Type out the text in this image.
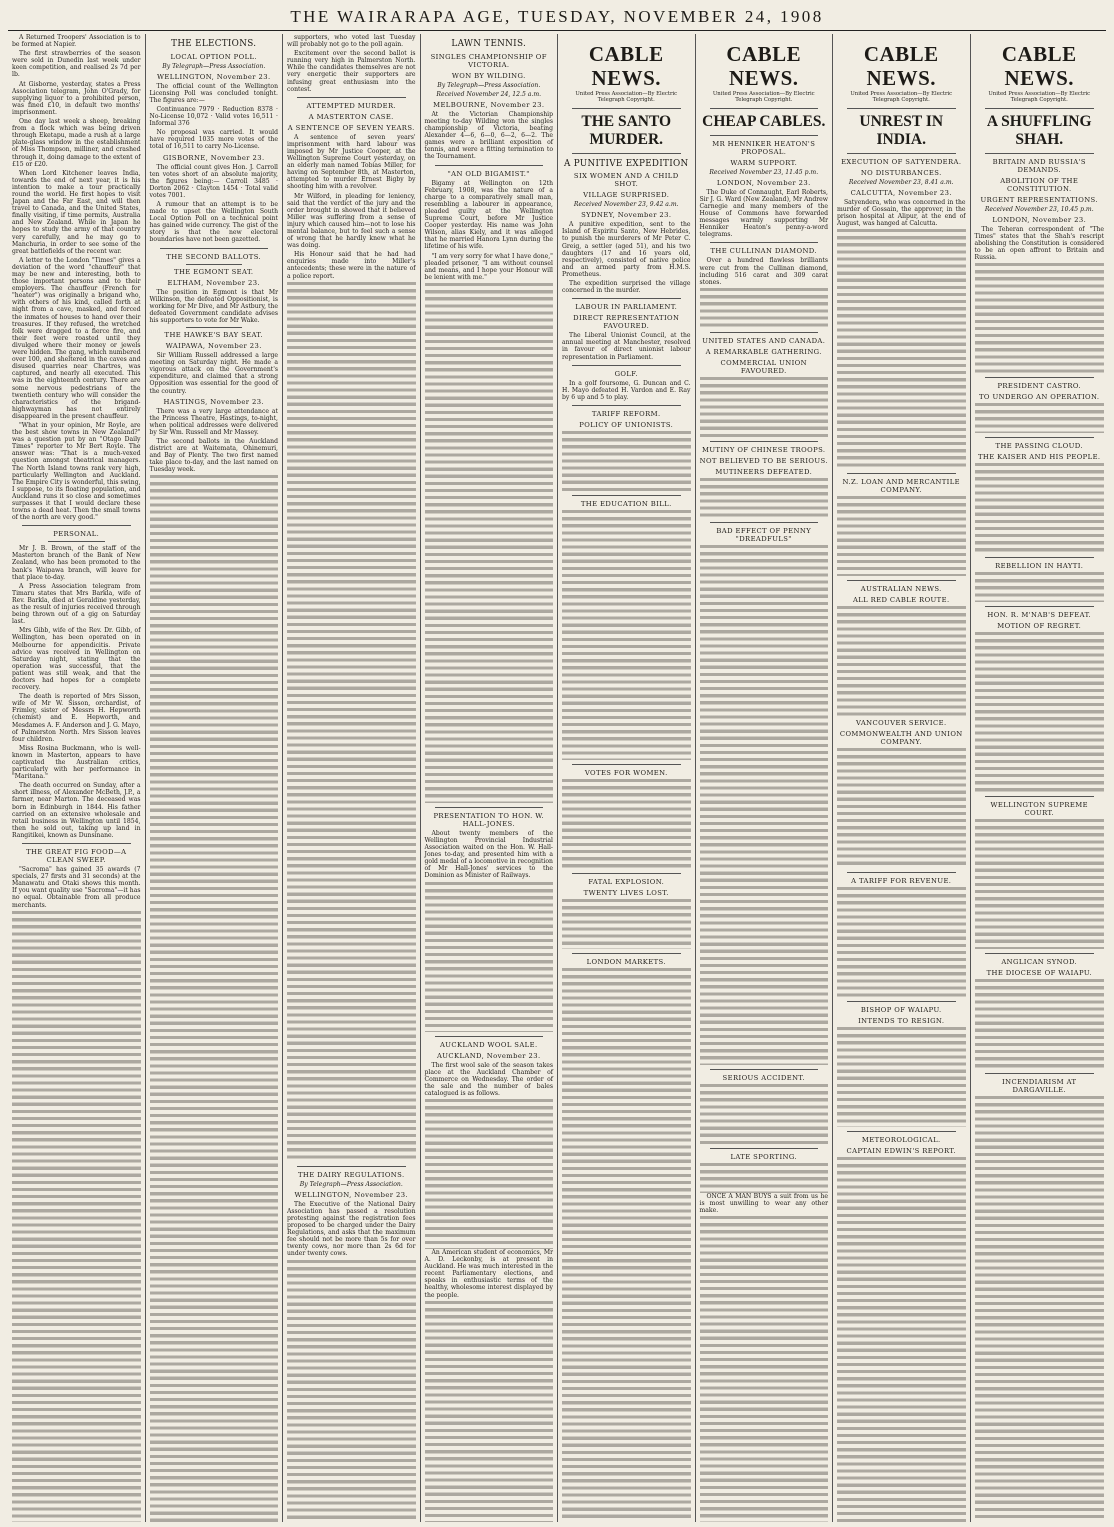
THE WAIRARAPA AGE, TUESDAY, NOVEMBER 24, 1908

A Returned Troopers' Association is to be formed at Napier.

The first strawberries of the season were sold in Dunedin last week under keen competition, and realised 2s 7d per lb.

At Gisborne, yesterday, states a Press Association telegram, John O'Grady, for supplying liquor to a prohibited person, was fined £10, in default two months' imprisonment.

One day last week a sheep, breaking from a flock which was being driven through Eketapu, made a rush at a large plate-glass window in the establishment of Miss Thompson, milliner, and crashed through it, doing damage to the extent of £15 or £20.

When Lord Kitchener leaves India, towards the end of next year, it is his intention to make a tour practically round the world. He first hopes to visit Japan and the Far East, and will then travel to Canada, and the United States, finally visiting, if time permits, Australia and New Zealand. While in Japan he hopes to study the army of that country very carefully, and he may go to Manchuria, in order to see some of the great battlefields of the recent war.

A letter to the London "Times" gives a deviation of the word "chauffeur" that may be new and interesting, both to those important persons and to their employers. The chauffeur (French for "heater") was originally a brigand who, with others of his kind, called forth at night from a cave, masked, and forced the inmates of houses to hand over their treasures. If they refused, the wretched folk were dragged to a fierce fire, and their feet were roasted until they divulged where their money or jewels were hidden. The gang, which numbered over 100, and sheltered in the caves and disused quarries near Chartres, was captured, and nearly all executed. This was in the eighteenth century. There are some nervous pedestrians of the twentieth century who will consider the characteristics of the brigand-highwayman has not entirely disappeared in the present chauffeur.

"What in your opinion, Mr Royle, are the best show towns in New Zealand?" was a question put by an "Otago Daily Times" reporter to Mr Bert Royle. The answer was: "That is a much-vexed question amongst theatrical managers. The North Island towns rank very high, particularly Wellington and Auckland. The Empire City is wonderful, this swing, I suppose, to its floating population, and Auckland runs it so close and sometimes surpasses it that I would declare these towns a dead heat. Then the small towns of the north are very good."

PERSONAL.

Mr J. B. Brown, of the staff of the Masterton branch of the Bank of New Zealand, who has been promoted to the bank's Waipawa branch, will leave for that place to-day.

A Press Association telegram from Timaru states that Mrs Barkla, wife of Rev. Barkla, died at Geraldine yesterday, as the result of injuries received through being thrown out of a gig on Saturday last.

Mrs Gibb, wife of the Rev. Dr. Gibb, of Wellington, has been operated on in Melbourne for appendicitis. Private advice was received in Wellington on Saturday night, stating that the operation was successful, that the patient was still weak, and that the doctors had hopes for a complete recovery.

The death is reported of Mrs Sisson, wife of Mr W. Sisson, orchardist, of Frimley, sister of Messrs H. Hepworth (chemist) and E. Hepworth, and Mesdames A. F. Anderson and J. G. Mayo, of Palmerston North. Mrs Sisson leaves four children.

Miss Rosina Buckmann, who is well-known in Masterton, appears to have captivated the Australian critics, particularly with her performance in "Maritana."

The death occurred on Sunday, after a short illness, of Alexander McBeth, J.P., a farmer, near Marton. The deceased was born in Edinburgh in 1844. His father carried on an extensive wholesale and retail business in Wellington until 1854, then he sold out, taking up land in Rangitikei, known as Dunsinane.

THE GREAT FIG FOOD—A CLEAN SWEEP.

"Sacroma" has gained 35 awards (7 specials, 27 firsts and 31 seconds) at the Manawatu and Otaki shows this month. If you want quality use "Sacroma"—it has no equal. Obtainable from all produce merchants.

THE ELECTIONS.
LOCAL OPTION POLL.
By Telegraph—Press Association.
WELLINGTON, November 23.

The official count of the Wellington Licensing Poll was concluded tonight. The figures are:—

Continuance 7979 · Reduction 8378 · No-License 10,072 · Valid votes 16,511 · Informal 376

No proposal was carried. It would have required 1035 more votes of the total of 16,511 to carry No-License.

GISBORNE, November 23.

The official count gives Hon. J. Carroll ten votes short of an absolute majority, the figures being:— Carroll 3485 · Dorton 2062 · Clayton 1454 · Total valid votes 7001.

A rumour that an attempt is to be made to upset the Wellington South Local Option Poll on a technical point has gained wide currency. The gist of the story is that the new electoral boundaries have not been gazetted.

THE SECOND BALLOTS.
THE EGMONT SEAT.
ELTHAM, November 23.

The position in Egmont is that Mr Wilkinson, the defeated Oppositionist, is working for Mr Dive, and Mr Astbury, the defeated Government candidate advises his supporters to vote for Mr Wake.

THE HAWKE'S BAY SEAT.
WAIPAWA, November 23.

Sir William Russell addressed a large meeting on Saturday night. He made a vigorous attack on the Government's expenditure, and claimed that a strong Opposition was essential for the good of the country.

HASTINGS, November 23.

There was a very large attendance at the Princess Theatre, Hastings, to-night, when political addresses were delivered by Sir Wm. Russell and Mr Massey.

The second ballots in the Auckland district are at Waitemata, Ohinemuri, and Bay of Plenty. The two first named take place to-day, and the last named on Tuesday week.

supporters, who voted last Tuesday will probably not go to the poll again.

Excitement over the second ballot is running very high in Palmerston North. While the candidates themselves are not very energetic their supporters are infusing great enthusiasm into the contest.

ATTEMPTED MURDER.
A MASTERTON CASE.
A SENTENCE OF SEVEN YEARS.

A sentence of seven years' imprisonment with hard labour was imposed by Mr Justice Cooper, at the Wellington Supreme Court yesterday, on an elderly man named Tobias Miller, for having on September 8th, at Masterton, attempted to murder Ernest Bigby by shooting him with a revolver.

Mr Wilford, in pleading for leniency, said that the verdict of the jury and the order brought in showed that it believed Miller was suffering from a sense of injury which caused him—not to lose his mental balance, but to feel such a sense of wrong that he hardly knew what he was doing.

His Honour said that he had had enquiries made into Miller's antecedents; these were in the nature of a police report.

THE DAIRY REGULATIONS.
By Telegraph—Press Association.
WELLINGTON, November 23.

The Executive of the National Dairy Association has passed a resolution protesting against the registration fees proposed to be charged under the Dairy Regulations, and asks that the maximum fee should not be more than 5s for over twenty cows, nor more than 2s 6d for under twenty cows.

LAWN TENNIS.
SINGLES CHAMPIONSHIP OF VICTORIA.
WON BY WILDING.
By Telegraph—Press Association.
Received November 24, 12.5 a.m.
MELBOURNE, November 23.

At the Victorian Championship meeting to-day Wilding won the singles championship of Victoria, beating Alexander 4—6, 6—0, 6—2, 6—2. The games were a brilliant exposition of tennis, and were a fitting termination to the Tournament.

"AN OLD BIGAMIST."

Bigamy at Wellington on 12th February, 1908, was the nature of a charge to a comparatively small man, resembling a labourer in appearance, pleaded guilty at the Wellington Supreme Court, before Mr Justice Cooper yesterday. His name was John Wilson, alias Kiely, and it was alleged that he married Hanora Lynn during the lifetime of his wife.

"I am very sorry for what I have done," pleaded prisoner, "I am without counsel and means, and I hope your Honour will be lenient with me."

PRESENTATION TO HON. W. HALL-JONES.

About twenty members of the Wellington Provincial Industrial Association waited on the Hon. W. Hall-Jones to-day, and presented him with a gold medal of a locomotive in recognition of Mr Hall-Jones' services to the Dominion as Minister of Railways.

AUCKLAND WOOL SALE.
AUCKLAND, November 23.

The first wool sale of the season takes place at the Auckland Chamber of Commerce on Wednesday. The order of the sale and the number of bales catalogued is as follows.

An American student of economics, Mr A. D. Leckonby, is at present in Auckland. He was much interested in the recent Parliamentary elections, and speaks in enthusiastic terms of the healthy, wholesome interest displayed by the people.

CABLE NEWS.
United Press Association—By Electric Telegraph Copyright.
THE SANTO MURDER.
A PUNITIVE EXPEDITION
SIX WOMEN AND A CHILD SHOT.
VILLAGE SURPRISED.
Received November 23, 9.42 a.m.
SYDNEY, November 23.

A punitive expedition, sent to the Island of Espiritu Santo, New Hebrides, to punish the murderers of Mr Peter C. Greig, a settler (aged 51), and his two daughters (17 and 16 years old, respectively), consisted of native police and an armed party from H.M.S. Prometheus.

The expedition surprised the village concerned in the murder.

LABOUR IN PARLIAMENT.
DIRECT REPRESENTATION FAVOURED.

The Liberal Unionist Council, at the annual meeting at Manchester, resolved in favour of direct unionist labour representation in Parliament.

GOLF.

In a golf foursome, G. Duncan and C. H. Mayo defeated H. Vardon and E. Ray by 6 up and 5 to play.

TARIFF REFORM.
POLICY OF UNIONISTS.
THE EDUCATION BILL.
VOTES FOR WOMEN.
FATAL EXPLOSION.
TWENTY LIVES LOST.
LONDON MARKETS.
CABLE NEWS.
United Press Association—By Electric Telegraph Copyright.
CHEAP CABLES.
MR HENNIKER HEATON'S PROPOSAL.
WARM SUPPORT.
Received November 23, 11.45 p.m.
LONDON, November 23.

The Duke of Connaught, Earl Roberts, Sir J. G. Ward (New Zealand), Mr Andrew Carnegie and many members of the House of Commons have forwarded messages warmly supporting Mr Henniker Heaton's penny-a-word telegrams.

THE CULLINAN DIAMOND.

Over a hundred flawless brilliants were cut from the Cullinan diamond, including 516 carat and 309 carat stones.

UNITED STATES AND CANADA.
A REMARKABLE GATHERING.
COMMERCIAL UNION FAVOURED.
MUTINY OF CHINESE TROOPS.
NOT BELIEVED TO BE SERIOUS.
MUTINEERS DEFEATED.
BAD EFFECT OF PENNY "DREADFULS"
SERIOUS ACCIDENT.
LATE SPORTING.

ONCE A MAN BUYS a suit from us he is most unwilling to wear any other make.

CABLE NEWS.
United Press Association—By Electric Telegraph Copyright.
UNREST IN INDIA.
EXECUTION OF SATYENDERA.
NO DISTURBANCES.
Received November 23, 8.41 a.m.
CALCUTTA, November 23.

Satyendera, who was concerned in the murder of Gossain, the approver, in the prison hospital at Alipur, at the end of August, was hanged at Calcutta.

N.Z. LOAN AND MERCANTILE COMPANY.
AUSTRALIAN NEWS.
ALL RED CABLE ROUTE.
VANCOUVER SERVICE.
COMMONWEALTH AND UNION COMPANY.
A TARIFF FOR REVENUE.
BISHOP OF WAIAPU.
INTENDS TO RESIGN.
METEOROLOGICAL.
CAPTAIN EDWIN'S REPORT.
CABLE NEWS.
United Press Association—By Electric Telegraph Copyright.
A SHUFFLING SHAH.
BRITAIN AND RUSSIA'S DEMANDS.
ABOLITION OF THE CONSTITUTION.
URGENT REPRESENTATIONS.
Received November 23, 10.45 p.m.
LONDON, November 23.

The Teheran correspondent of "The Times" states that the Shah's rescript abolishing the Constitution is considered to be an open affront to Britain and Russia.

PRESIDENT CASTRO.
TO UNDERGO AN OPERATION.
THE PASSING CLOUD.
THE KAISER AND HIS PEOPLE.
REBELLION IN HAYTI.
HON. R. M'NAB'S DEFEAT.
MOTION OF REGRET.
WELLINGTON SUPREME COURT.
ANGLICAN SYNOD.
THE DIOCESE OF WAIAPU.
INCENDIARISM AT DARGAVILLE.
